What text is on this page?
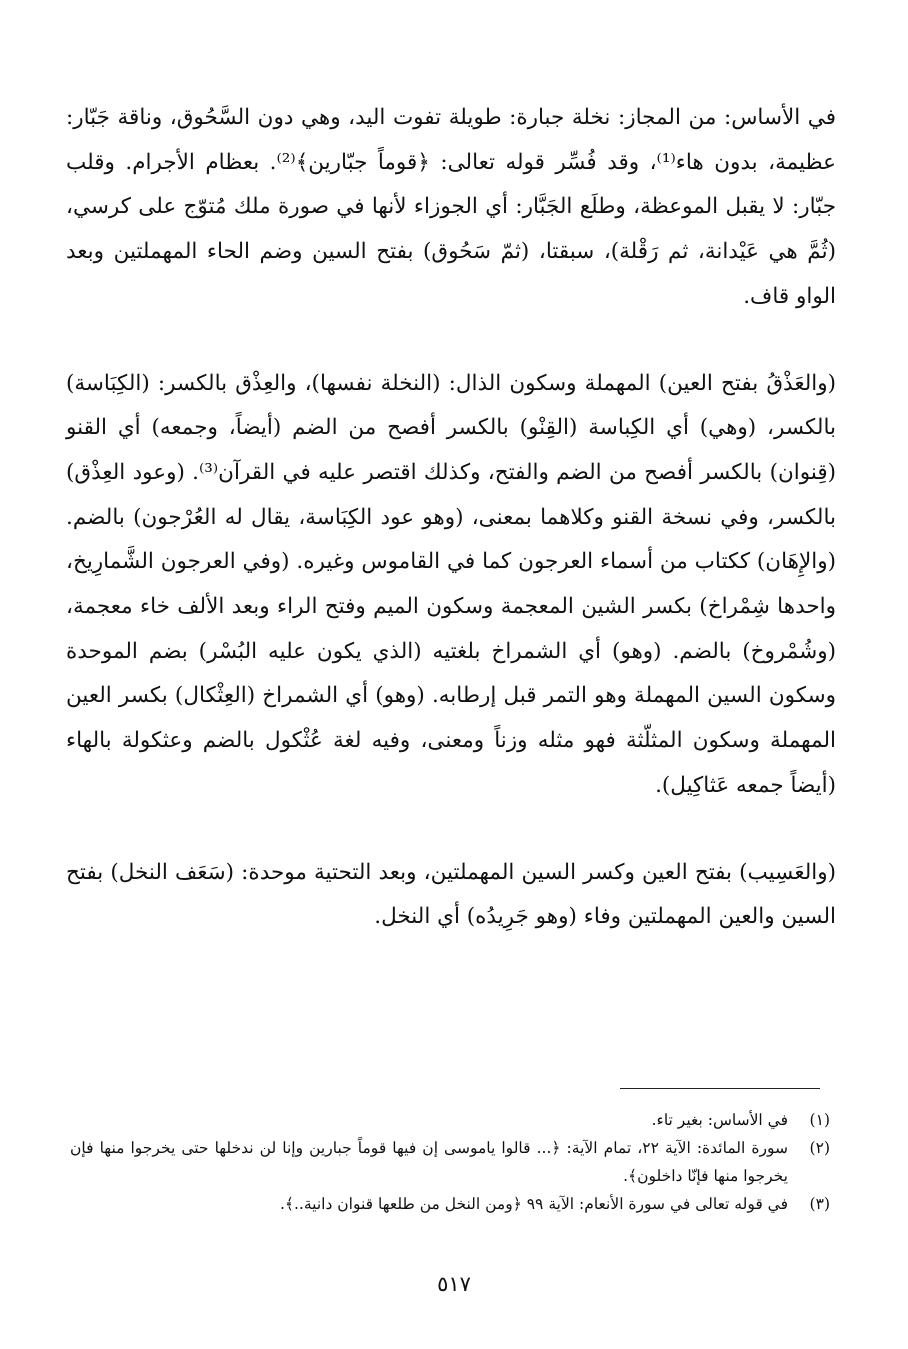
في الأساس: من المجاز: نخلة جبارة: طويلة تفوت اليد، وهي دون السَّحُوق، وناقة جَبّار: عظيمة، بدون هاء⁽¹⁾، وقد فُسِّر قوله تعالى: ﴿قوماً جبّارين﴾⁽²⁾. بعظام الأجرام. وقلب جبّار: لا يقبل الموعظة، وطلَع الجَبَّار: أي الجوزاء لأنها في صورة ملك مُتوّج على كرسي، (ثُمَّ هي عَيْدانة، ثم رَقْلة)، سبقتا، (ثمّ سَحُوق) بفتح السين وضم الحاء المهملتين وبعد الواو قاف.

(والعَذْقُ بفتح العين) المهملة وسكون الذال: (النخلة نفسها)، والعِذْق بالكسر: (الكِبَاسة) بالكسر، (وهي) أي الكِباسة (القِنْو) بالكسر أفصح من الضم (أيضاً، وجمعه) أي القنو (قِنوان) بالكسر أفصح من الضم والفتح، وكذلك اقتصر عليه في القرآن⁽³⁾. (وعود العِذْق) بالكسر، وفي نسخة القنو وكلاهما بمعنى، (وهو عود الكِبَاسة، يقال له العُرْجون) بالضم. (والإِهَان) ككتاب من أسماء العرجون كما في القاموس وغيره. (وفي العرجون الشَّمارِيخ، واحدها شِمْراخ) بكسر الشين المعجمة وسكون الميم وفتح الراء وبعد الألف خاء معجمة، (وشُمْروخ) بالضم. (وهو) أي الشمراخ بلغتيه (الذي يكون عليه البُسْر) بضم الموحدة وسكون السين المهملة وهو التمر قبل إرطابه. (وهو) أي الشمراخ (العِثْكال) بكسر العين المهملة وسكون المثلّثة فهو مثله وزناً ومعنى، وفيه لغة عُثْكول بالضم وعثكولة بالهاء (أيضاً جمعه عَثاكِيل).

(والعَسِيب) بفتح العين وكسر السين المهملتين، وبعد التحتية موحدة: (سَعَف النخل) بفتح السين والعين المهملتين وفاء (وهو جَرِيدُه) أي النخل.

(١)
في الأساس: بغير تاء.
(٢)
سورة المائدة: الآية ٢٢، تمام الآية: ﴿... قالوا ياموسى إن فيها قوماً جبارين وإنا لن ندخلها حتى يخرجوا منها فإن يخرجوا منها فإنّا داخلون﴾.
(٣)
في قوله تعالى في سورة الأنعام: الآية ٩٩ ﴿ومن النخل من طلعها قنوان دانية..﴾.
٥١٧
